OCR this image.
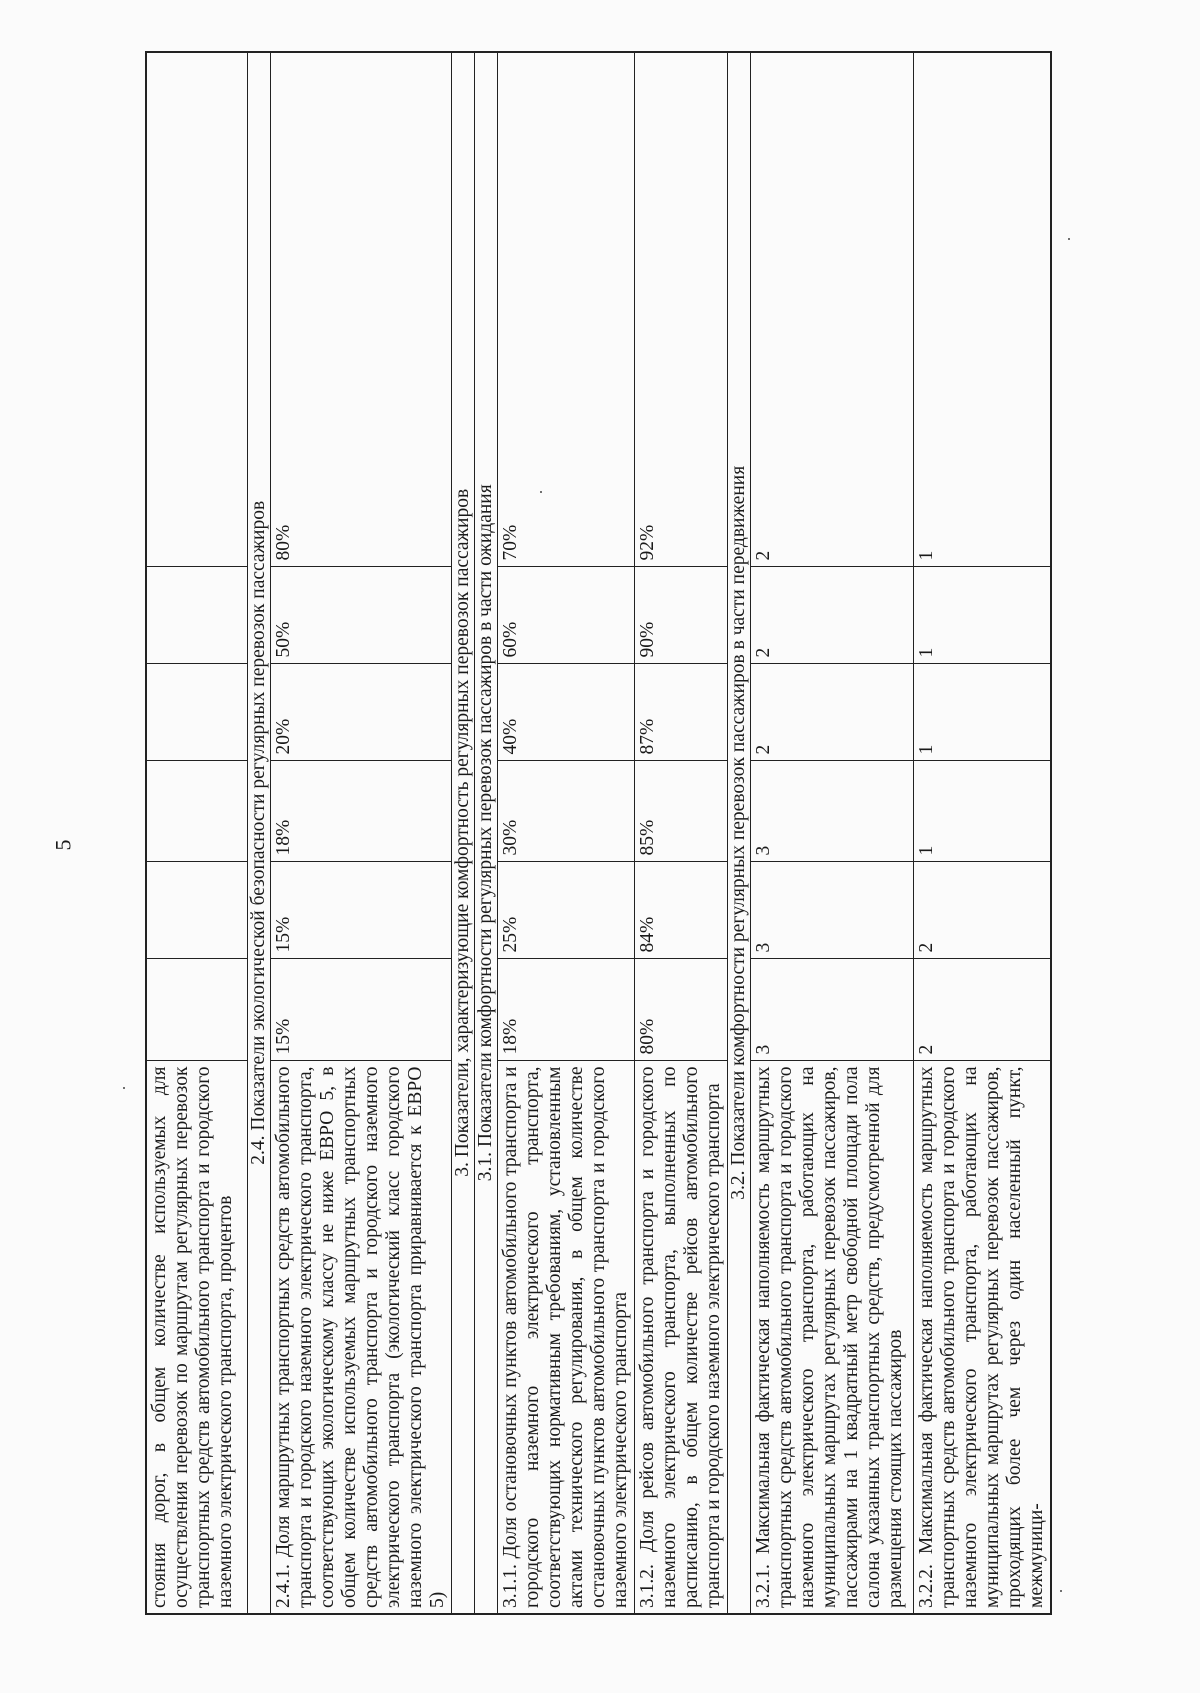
5
стояния дорог, в общем количестве используемых для осуществления перевозок по маршрутам регулярных перевозок транспортных средств автомобильного транспорта и городского наземного электрического транспорта, процентов							
2.4. Показатели экологической безопасности регулярных перевозок пассажиров							
2.4.1. Доля маршрутных транспортных средств автомобильного транспорта и городского наземного электрического транспорта, соответствующих экологическому классу не ниже ЕВРО 5, в общем количестве используемых маршрутных транспортных средств автомобильного транспорта и городского наземного электрического транспорта (экологический класс городского наземного электрического транспорта приравнивается к ЕВРО 5)	15%	15%	18%	20%	50%	80%	
3. Показатели, характеризующие комфортность регулярных перевозок пассажиров							
3.1. Показатели комфортности регулярных перевозок пассажиров в части ожидания							
3.1.1. Доля остановочных пунктов автомобильного транспорта и городского наземного электрического транспорта, соответствующих нормативным требованиям, установленным актами технического регулирования, в общем количестве остановочных пунктов автомобильного транспорта и городского наземного электрического транспорта	18%	25%	30%	40%	60%	70%	
3.1.2. Доля рейсов автомобильного транспорта и городского наземного электрического транспорта, выполненных по расписанию, в общем количестве рейсов автомобильного транспорта и городского наземного электрического транспорта	80%	84%	85%	87%	90%	92%	
3.2. Показатели комфортности регулярных перевозок пассажиров в части передвижения							
3.2.1. Максимальная фактическая наполняемость маршрутных транспортных средств автомобильного транспорта и городского наземного электрического транспорта, работающих на муниципальных маршрутах регулярных перевозок пассажиров, пассажирами на 1 квадратный метр свободной площади пола салона указанных транспортных средств, предусмотренной для размещения стоящих пассажиров	3	3	3	2	2	2	
3.2.2. Максимальная фактическая наполняемость маршрутных транспортных средств автомобильного транспорта и городского наземного электрического транспорта, работающих на муниципальных маршрутах регулярных перевозок пассажиров, проходящих более чем через один населенный пункт, межмуници-	2	2	1	1	1	1	
